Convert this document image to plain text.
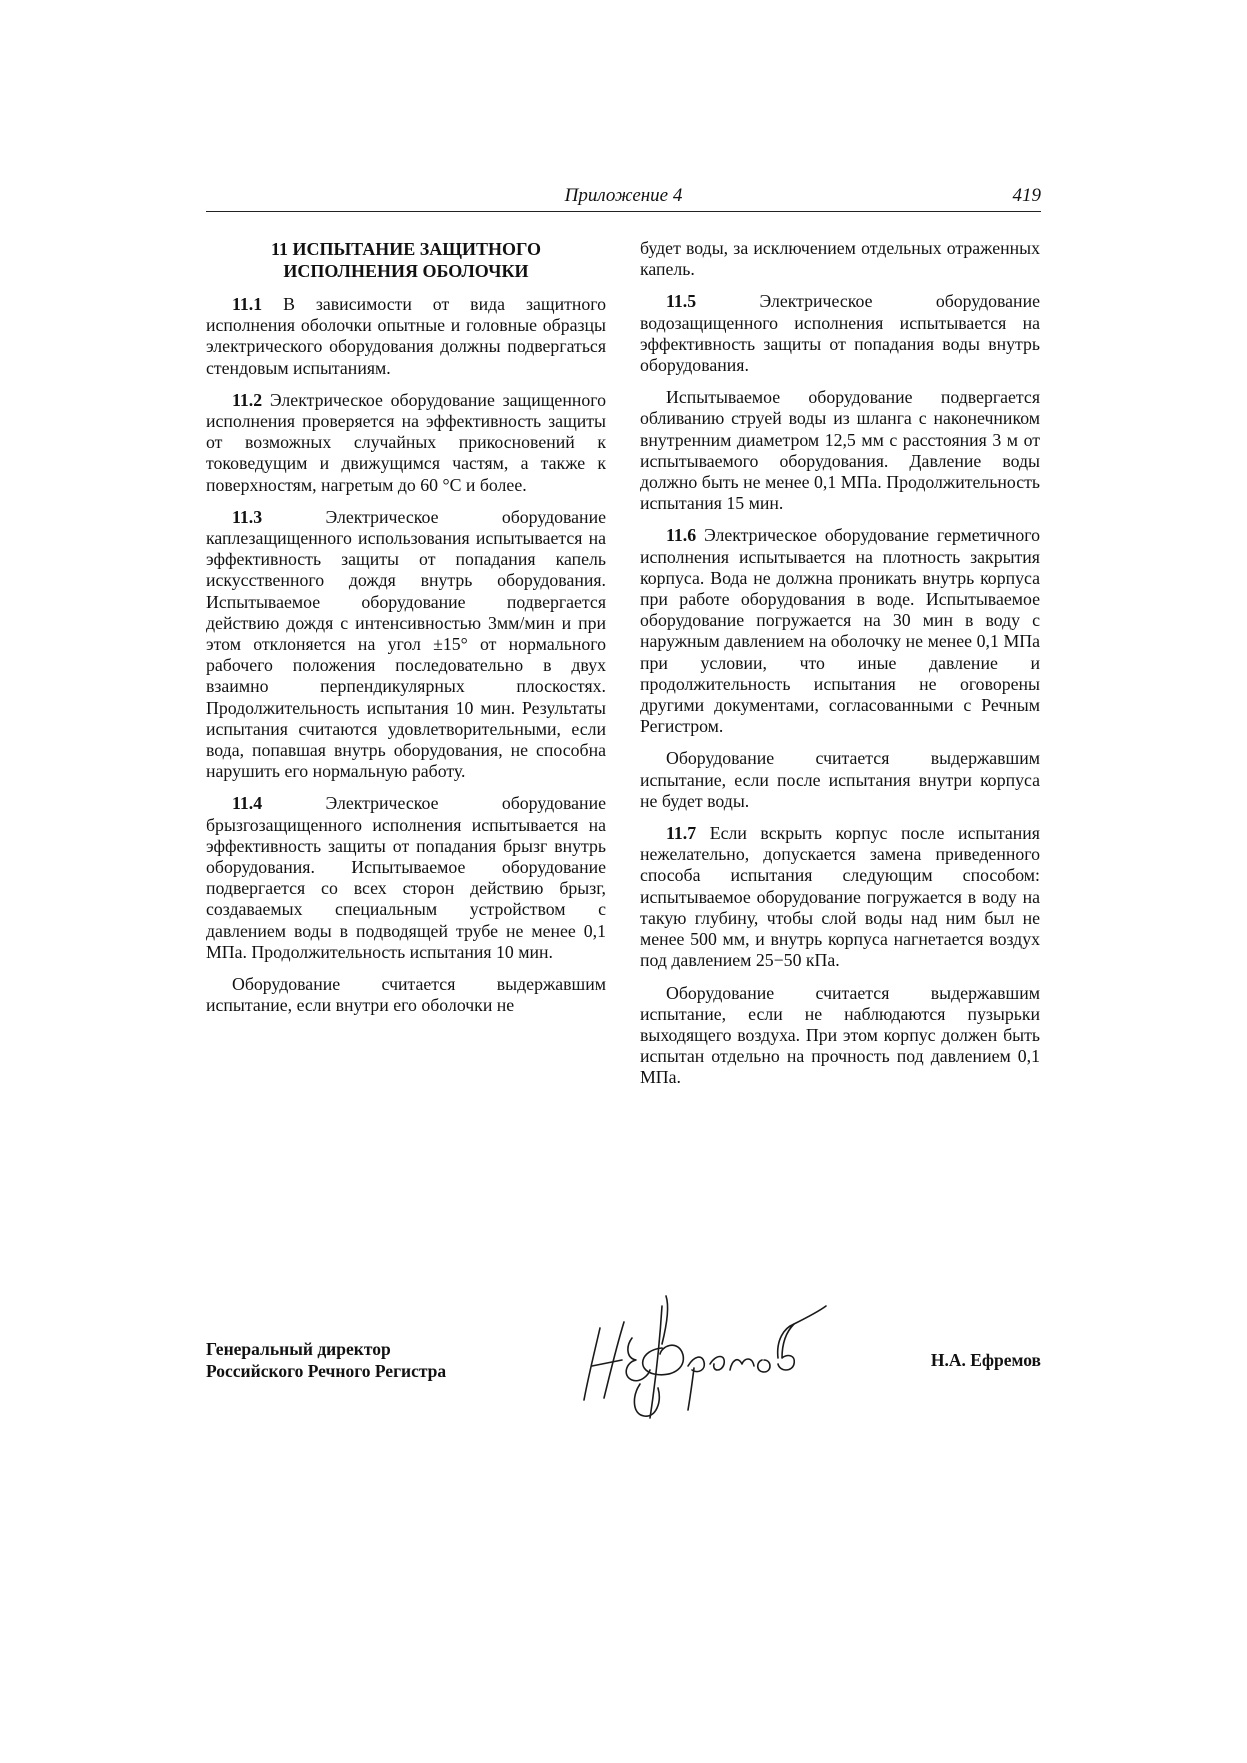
Приложение 4	419
11 ИСПЫТАНИЕ ЗАЩИТНОГО
ИСПОЛНЕНИЯ ОБОЛОЧКИ
11.1 В зависимости от вида защитного исполнения оболочки опытные и головные образцы электрического оборудования должны подвергаться стендовым испытаниям.
11.2 Электрическое оборудование защищенного исполнения проверяется на эффективность защиты от возможных случайных прикосновений к токоведущим и движущимся частям, а также к поверхностям, нагретым до 60 °C и более.
11.3 Электрическое оборудование каплезащищенного использования испытывается на эффективность защиты от попадания капель искусственного дождя внутрь оборудования. Испытываемое оборудование подвергается действию дождя с интенсивностью 3мм/мин и при этом отклоняется на угол ±15° от нормального рабочего положения последовательно в двух взаимно перпендикулярных плоскостях. Продолжительность испытания 10 мин. Результаты испытания считаются удовлетворительными, если вода, попавшая внутрь оборудования, не способна нарушить его нормальную работу.
11.4 Электрическое оборудование брызгозащищенного исполнения испытывается на эффективность защиты от попадания брызг внутрь оборудования. Испытываемое оборудование подвергается со всех сторон действию брызг, создаваемых специальным устройством с давлением воды в подводящей трубе не менее 0,1 МПа. Продолжительность испытания 10 мин.
Оборудование считается выдержавшим испытание, если внутри его оболочки не
будет воды, за исключением отдельных отраженных капель.
11.5 Электрическое оборудование водозащищенного исполнения испытывается на эффективность защиты от попадания воды внутрь оборудования.
Испытываемое оборудование подвергается обливанию струей воды из шланга с наконечником внутренним диаметром 12,5 мм с расстояния 3 м от испытываемого оборудования. Давление воды должно быть не менее 0,1 МПа. Продолжительность испытания 15 мин.
11.6 Электрическое оборудование герметичного исполнения испытывается на плотность закрытия корпуса. Вода не должна проникать внутрь корпуса при работе оборудования в воде. Испытываемое оборудование погружается на 30 мин в воду с наружным давлением на оболочку не менее 0,1 МПа при условии, что иные давление и продолжительность испытания не оговорены другими документами, согласованными с Речным Регистром.
Оборудование считается выдержавшим испытание, если после испытания внутри корпуса не будет воды.
11.7 Если вскрыть корпус после испытания нежелательно, допускается замена приведенного способа испытания следующим способом: испытываемое оборудование погружается в воду на такую глубину, чтобы слой воды над ним был не менее 500 мм, и внутрь корпуса нагнетается воздух под давлением 25−50 кПа.
Оборудование считается выдержавшим испытание, если не наблюдаются пузырьки выходящего воздуха. При этом корпус должен быть испытан отдельно на прочность под давлением 0,1 МПа.
Генеральный директор
Российского Речного Регистра
Н.А. Ефремов
